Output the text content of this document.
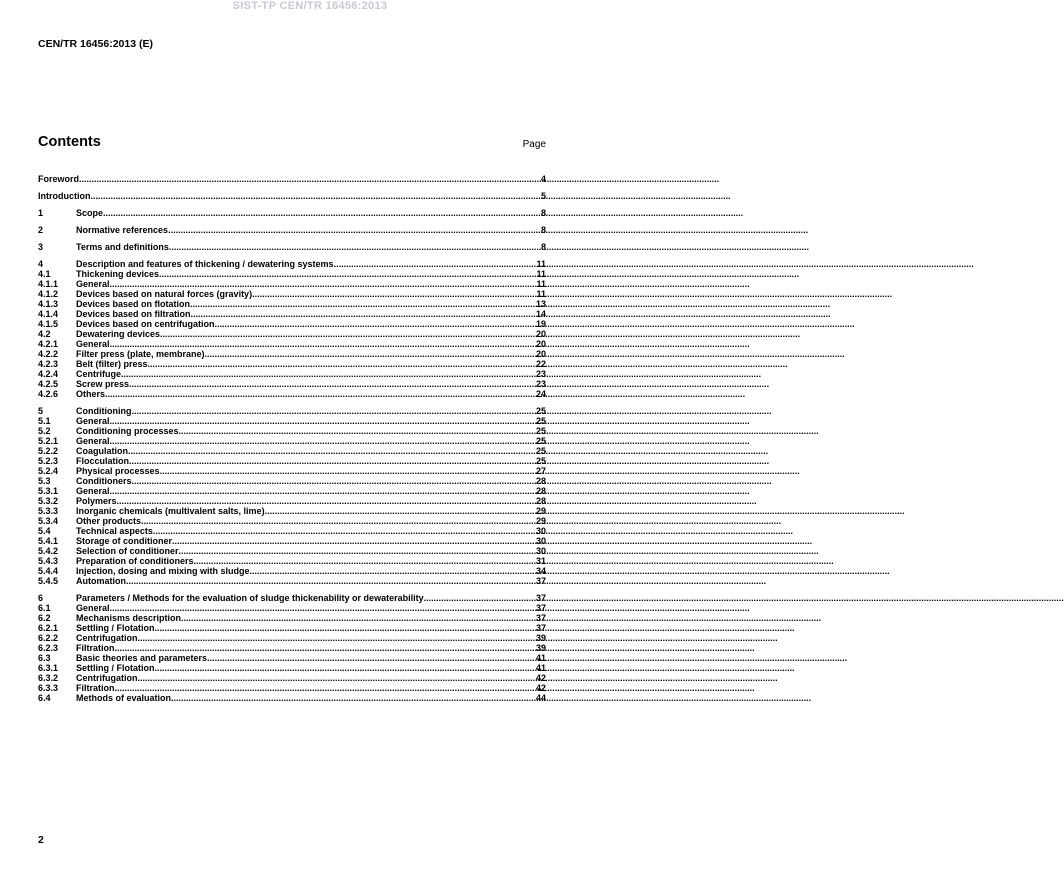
SIST-TP CEN/TR 16456:2013
CEN/TR 16456:2013 (E)
Contents	Page
Foreword .....	4
Introduction .....	5
1	Scope .....	8
2	Normative references .....	8
3	Terms and definitions .....	8
4	Description and features of thickening / dewatering systems .....	11
4.1	Thickening devices .....	11
4.1.1	General .....	11
4.1.2	Devices based on natural forces (gravity) .....	11
4.1.3	Devices based on flotation .....	13
4.1.4	Devices based on filtration .....	14
4.1.5	Devices based on centrifugation .....	19
4.2	Dewatering devices .....	20
4.2.1	General .....	20
4.2.2	Filter press (plate, membrane) .....	20
4.2.3	Belt (filter) press .....	22
4.2.4	Centrifuge .....	23
4.2.5	Screw press .....	23
4.2.6	Others .....	24
5	Conditioning .....	25
5.1	General .....	25
5.2	Conditioning processes .....	25
5.2.1	General .....	25
5.2.2	Coagulation .....	25
5.2.3	Flocculation .....	25
5.2.4	Physical processes .....	27
5.3	Conditioners .....	28
5.3.1	General .....	28
5.3.2	Polymers .....	28
5.3.3	Inorganic chemicals (multivalent salts, lime) .....	29
5.3.4	Other products .....	29
5.4	Technical aspects .....	30
5.4.1	Storage of conditioner .....	30
5.4.2	Selection of conditioner .....	30
5.4.3	Preparation of conditioners .....	31
5.4.4	Injection, dosing and mixing with sludge .....	34
5.4.5	Automation .....	37
6	Parameters / Methods for the evaluation of sludge thickenability or dewaterability .....	37
6.1	General .....	37
6.2	Mechanisms description .....	37
6.2.1	Settling / Flotation .....	37
6.2.2	Centrifugation .....	39
6.2.3	Filtration .....	39
6.3	Basic theories and parameters .....	41
6.3.1	Settling / Flotation .....	41
6.3.2	Centrifugation .....	42
6.3.3	Filtration .....	42
6.4	Methods of evaluation .....	44
2
